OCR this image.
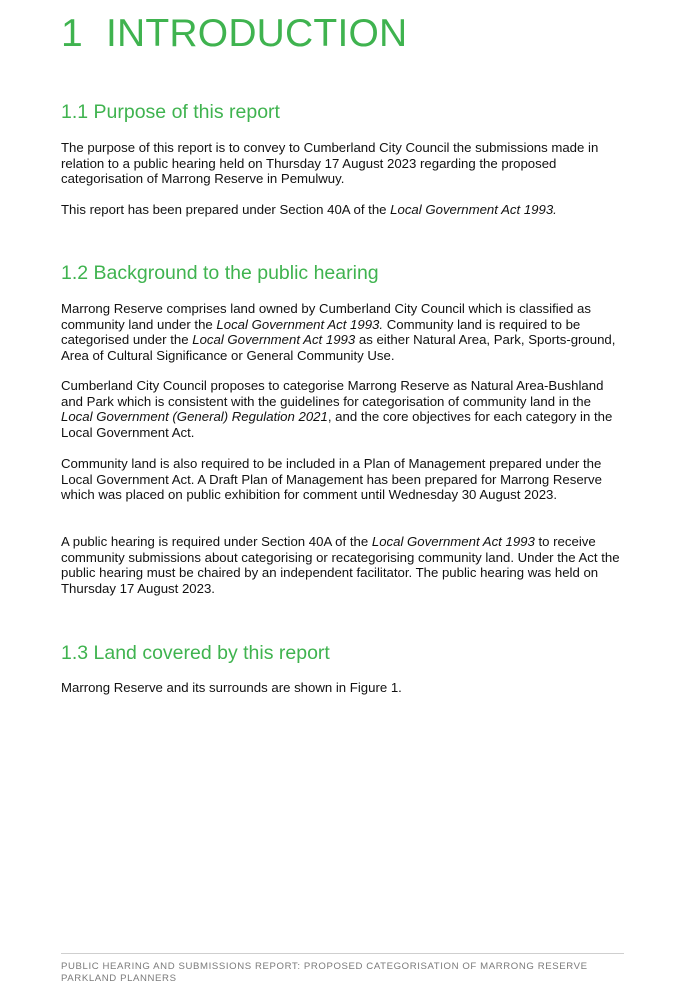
1 INTRODUCTION
1.1 Purpose of this report

The purpose of this report is to convey to Cumberland City Council the submissions made in relation to a public hearing held on Thursday 17 August 2023 regarding the proposed categorisation of Marrong Reserve in Pemulwuy.

This report has been prepared under Section 40A of the Local Government Act 1993.

1.2 Background to the public hearing

Marrong Reserve comprises land owned by Cumberland City Council which is classified as community land under the Local Government Act 1993. Community land is required to be categorised under the Local Government Act 1993 as either Natural Area, Park, Sports-ground, Area of Cultural Significance or General Community Use.

Cumberland City Council proposes to categorise Marrong Reserve as Natural Area-Bushland and Park which is consistent with the guidelines for categorisation of community land in the Local Government (General) Regulation 2021, and the core objectives for each category in the Local Government Act.

Community land is also required to be included in a Plan of Management prepared under the Local Government Act. A Draft Plan of Management has been prepared for Marrong Reserve which was placed on public exhibition for comment until Wednesday 30 August 2023.

A public hearing is required under Section 40A of the Local Government Act 1993 to receive community submissions about categorising or recategorising community land. Under the Act the public hearing must be chaired by an independent facilitator. The public hearing was held on Thursday 17 August 2023.

1.3 Land covered by this report

Marrong Reserve and its surrounds are shown in Figure 1.

PUBLIC HEARING AND SUBMISSIONS REPORT: PROPOSED CATEGORISATION OF MARRONG RESERVE

PARKLAND PLANNERS
